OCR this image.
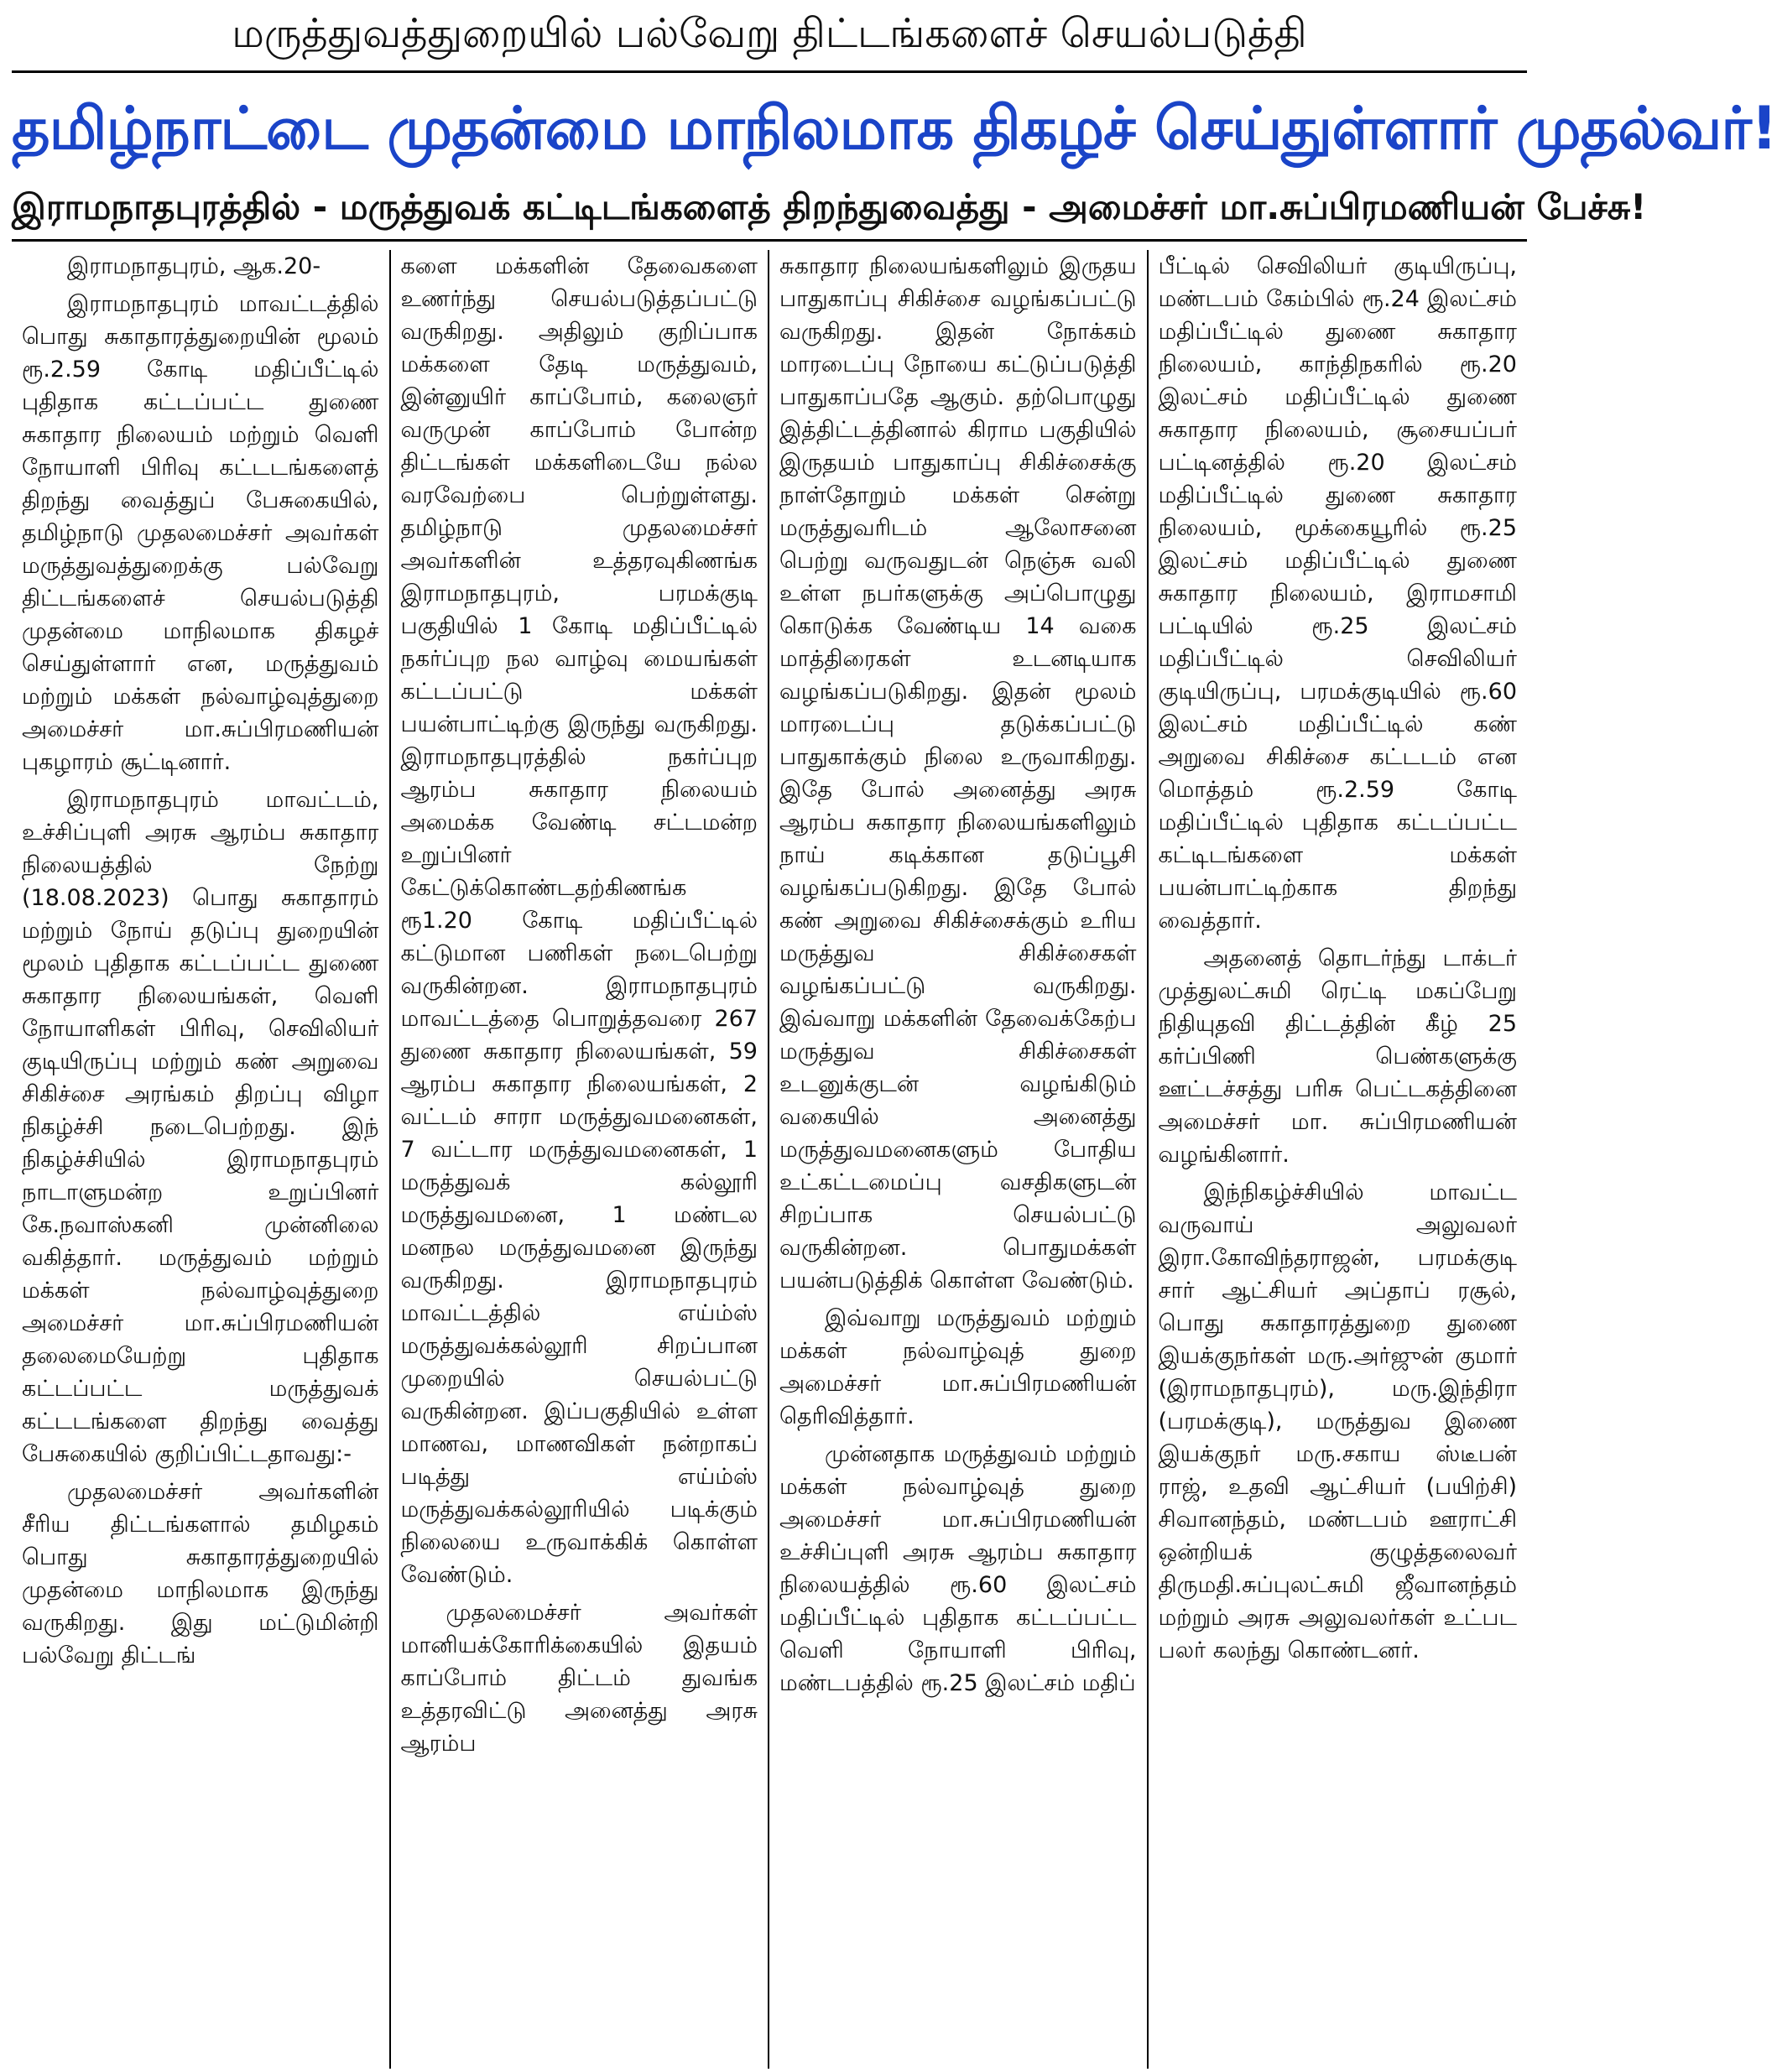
மருத்துவத்துறையில் பல்வேறு திட்டங்களைச் செயல்படுத்தி
தமிழ்நாட்டை முதன்மை மாநிலமாக திகழச் செய்துள்ளார் முதல்வர்!
இராமநாதபுரத்தில் - மருத்துவக் கட்டிடங்களைத் திறந்துவைத்து - அமைச்சர் மா.சுப்பிரமணியன் பேச்சு!

இராமநாதபுரம், ஆக.20-

இராமநாதபுரம் மாவட்டத்தில் பொது சுகாதாரத்துறையின் மூலம் ரூ.2.59 கோடி மதிப்பீட்டில் புதிதாக கட்டப்பட்ட துணை சுகாதார நிலையம் மற்றும் வெளி நோயாளி பிரிவு கட்டடங்களைத் திறந்து வைத்துப் பேசுகையில், தமிழ்நாடு முதலமைச்சர் அவர்கள் மருத்துவத்துறைக்கு பல்வேறு திட்டங்களைச் செயல்படுத்தி முதன்மை மாநிலமாக திகழச் செய்துள்ளார் என, மருத்துவம் மற்றும் மக்கள் நல்வாழ்வுத்துறை அமைச்சர் மா.சுப்பிரமணியன் புகழாரம் சூட்டினார்.

இராமநாதபுரம் மாவட்டம், உச்சிப்புளி அரசு ஆரம்ப சுகாதார நிலையத்தில் நேற்று (18.08.2023) பொது சுகாதாரம் மற்றும் நோய் தடுப்பு துறையின் மூலம் புதிதாக கட்டப்பட்ட துணை சுகாதார நிலையங்கள், வெளி நோயாளிகள் பிரிவு, செவிலியர் குடியிருப்பு மற்றும் கண் அறுவை சிகிச்சை அரங்கம் திறப்பு விழா நிகழ்ச்சி நடைபெற்றது. இந் நிகழ்ச்சியில் இராமநாதபுரம் நாடாளுமன்ற உறுப்பினர் கே.நவாஸ்கனி முன்னிலை வகித்தார். மருத்துவம் மற்றும் மக்கள் நல்வாழ்வுத்துறை அமைச்சர் மா.சுப்பிரமணியன் தலைமையேற்று புதிதாக கட்டப்பட்ட மருத்துவக் கட்டடங்களை திறந்து வைத்து பேசுகையில் குறிப்பிட்டதாவது:-

முதலமைச்சர் அவர்களின் சீரிய திட்டங்களால் தமிழகம் பொது சுகாதாரத்துறையில் முதன்மை மாநிலமாக இருந்து வருகிறது. இது மட்டுமின்றி பல்வேறு திட்டங்

களை மக்களின் தேவைகளை உணர்ந்து செயல்படுத்தப்பட்டு வருகிறது. அதிலும் குறிப்பாக மக்களை தேடி மருத்துவம், இன்னுயிர் காப்போம், கலைஞர் வருமுன் காப்போம் போன்ற திட்டங்கள் மக்களிடையே நல்ல வரவேற்பை பெற்றுள்ளது. தமிழ்நாடு முதலமைச்சர் அவர்களின் உத்தரவுகிணங்க இராமநாதபுரம், பரமக்குடி பகுதியில் 1 கோடி மதிப்பீட்டில் நகர்ப்புற நல வாழ்வு மையங்கள் கட்டப்பட்டு மக்கள் பயன்பாட்டிற்கு இருந்து வருகிறது. இராமநாதபுரத்தில் நகர்ப்புற ஆரம்ப சுகாதார நிலையம் அமைக்க வேண்டி சட்டமன்ற உறுப்பினர் கேட்டுக்கொண்டதற்கிணங்க ரூ1.20 கோடி மதிப்பீட்டில் கட்டுமான பணிகள் நடைபெற்று வருகின்றன. இராமநாதபுரம் மாவட்டத்தை பொறுத்தவரை 267 துணை சுகாதார நிலையங்கள், 59 ஆரம்ப சுகாதார நிலையங்கள், 2 வட்டம் சாரா மருத்துவமனைகள், 7 வட்டார மருத்துவமனைகள், 1 மருத்துவக் கல்லூரி மருத்துவமனை, 1 மண்டல மனநல மருத்துவமனை இருந்து வருகிறது. இராமநாதபுரம் மாவட்டத்தில் எய்ம்ஸ் மருத்துவக்கல்லூரி சிறப்பான முறையில் செயல்பட்டு வருகின்றன. இப்பகுதியில் உள்ள மாணவ, மாணவிகள் நன்றாகப் படித்து எய்ம்ஸ் மருத்துவக்கல்லூரியில் படிக்கும் நிலையை உருவாக்கிக் கொள்ள வேண்டும்.

முதலமைச்சர் அவர்கள் மானியக்கோரிக்கையில் இதயம் காப்போம் திட்டம் துவங்க உத்தரவிட்டு அனைத்து அரசு ஆரம்ப

சுகாதார நிலையங்களிலும் இருதய பாதுகாப்பு சிகிச்சை வழங்கப்பட்டு வருகிறது. இதன் நோக்கம் மாரடைப்பு நோயை கட்டுப்படுத்தி பாதுகாப்பதே ஆகும். தற்பொழுது இத்திட்டத்தினால் கிராம பகுதியில் இருதயம் பாதுகாப்பு சிகிச்சைக்கு நாள்தோறும் மக்கள் சென்று மருத்துவரிடம் ஆலோசனை பெற்று வருவதுடன் நெஞ்சு வலி உள்ள நபர்களுக்கு அப்பொழுது கொடுக்க வேண்டிய 14 வகை மாத்திரைகள் உடனடியாக வழங்கப்படுகிறது. இதன் மூலம் மாரடைப்பு தடுக்கப்பட்டு பாதுகாக்கும் நிலை உருவாகிறது. இதே போல் அனைத்து அரசு ஆரம்ப சுகாதார நிலையங்களிலும் நாய் கடிக்கான தடுப்பூசி வழங்கப்படுகிறது. இதே போல் கண் அறுவை சிகிச்சைக்கும் உரிய மருத்துவ சிகிச்சைகள் வழங்கப்பட்டு வருகிறது. இவ்வாறு மக்களின் தேவைக்கேற்ப மருத்துவ சிகிச்சைகள் உடனுக்குடன் வழங்கிடும் வகையில் அனைத்து மருத்துவமனைகளும் போதிய உட்கட்டமைப்பு வசதிகளுடன் சிறப்பாக செயல்பட்டு வருகின்றன. பொதுமக்கள் பயன்படுத்திக் கொள்ள வேண்டும்.

இவ்வாறு மருத்துவம் மற்றும் மக்கள் நல்வாழ்வுத் துறை அமைச்சர் மா.சுப்பிரமணியன் தெரிவித்தார்.

முன்னதாக மருத்துவம் மற்றும் மக்கள் நல்வாழ்வுத் துறை அமைச்சர் மா.சுப்பிரமணியன் உச்சிப்புளி அரசு ஆரம்ப சுகாதார நிலையத்தில் ரூ.60 இலட்சம் மதிப்பீட்டில் புதிதாக கட்டப்பட்ட வெளி நோயாளி பிரிவு, மண்டபத்தில் ரூ.25 இலட்சம் மதிப்

பீட்டில் செவிலியர் குடியிருப்பு, மண்டபம் கேம்பில் ரூ.24 இலட்சம் மதிப்பீட்டில் துணை சுகாதார நிலையம், காந்திநகரில் ரூ.20 இலட்சம் மதிப்பீட்டில் துணை சுகாதார நிலையம், சூசையப்பர் பட்டினத்தில் ரூ.20 இலட்சம் மதிப்பீட்டில் துணை சுகாதார நிலையம், மூக்கையூரில் ரூ.25 இலட்சம் மதிப்பீட்டில் துணை சுகாதார நிலையம், இராமசாமி பட்டியில் ரூ.25 இலட்சம் மதிப்பீட்டில் செவிலியர் குடியிருப்பு, பரமக்குடியில் ரூ.60 இலட்சம் மதிப்பீட்டில் கண் அறுவை சிகிச்சை கட்டடம் என மொத்தம் ரூ.2.59 கோடி மதிப்பீட்டில் புதிதாக கட்டப்பட்ட கட்டிடங்களை மக்கள் பயன்பாட்டிற்காக திறந்து வைத்தார்.

அதனைத் தொடர்ந்து டாக்டர் முத்துலட்சுமி ரெட்டி மகப்பேறு நிதியுதவி திட்டத்தின் கீழ் 25 கர்ப்பிணி பெண்களுக்கு ஊட்டச்சத்து பரிசு பெட்டகத்தினை அமைச்சர் மா. சுப்பிரமணியன் வழங்கினார்.

இந்நிகழ்ச்சியில் மாவட்ட வருவாய் அலுவலர் இரா.கோவிந்தராஜன், பரமக்குடி சார் ஆட்சியர் அப்தாப் ரசூல், பொது சுகாதாரத்துறை துணை இயக்குநர்கள் மரு.அர்ஜுன் குமார் (இராமநாதபுரம்), மரு.இந்திரா (பரமக்குடி), மருத்துவ இணை இயக்குநர் மரு.சகாய ஸ்டீபன் ராஜ், உதவி ஆட்சியர் (பயிற்சி) சிவானந்தம், மண்டபம் ஊராட்சி ஒன்றியக் குழுத்தலைவர் திருமதி.சுப்புலட்சுமி ஜீவானந்தம் மற்றும் அரசு அலுவலர்கள் உட்பட பலர் கலந்து கொண்டனர்.
